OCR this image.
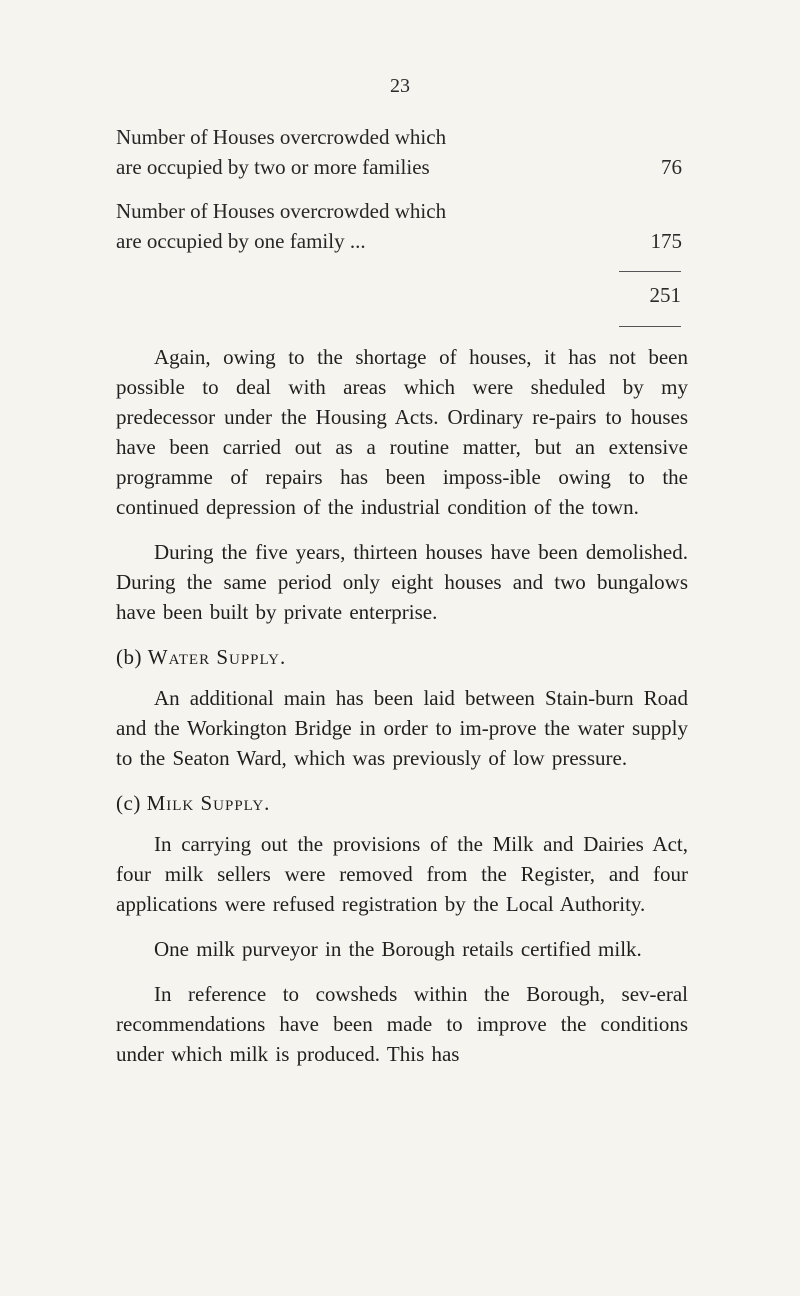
23
Number of Houses overcrowded which
are occupied by two or more families	76
Number of Houses overcrowded which
are occupied by one family ...	175
251

Again, owing to the shortage of houses, it has not been possible to deal with areas which were sheduled by my predecessor under the Housing Acts. Ordinary re-pairs to houses have been carried out as a routine matter, but an extensive programme of repairs has been imposs-ible owing to the continued depression of the industrial condition of the town.

During the five years, thirteen houses have been demolished. During the same period only eight houses and two bungalows have been built by private enterprise.

(b) Water Supply.

An additional main has been laid between Stain-burn Road and the Workington Bridge in order to im-prove the water supply to the Seaton Ward, which was previously of low pressure.

(c) Milk Supply.

In carrying out the provisions of the Milk and Dairies Act, four milk sellers were removed from the Register, and four applications were refused registration by the Local Authority.

One milk purveyor in the Borough retails certified milk.

In reference to cowsheds within the Borough, sev-eral recommendations have been made to improve the conditions under which milk is produced. This has
